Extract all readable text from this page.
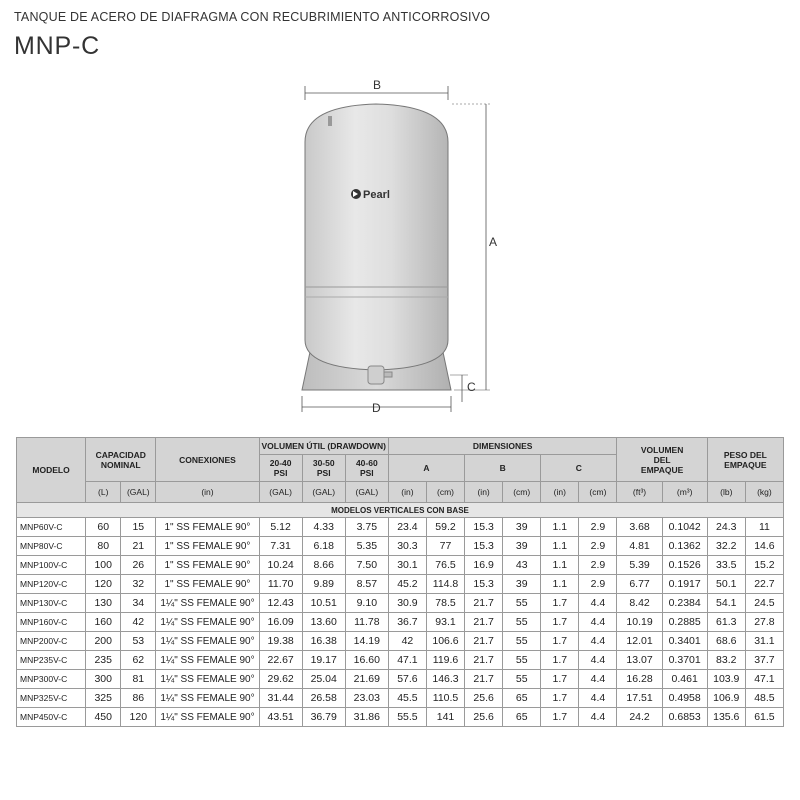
TANQUE DE ACERO DE DIAFRAGMA CON RECUBRIMIENTO ANTICORROSIVO
MNP-C
Pearl
B
A
C
D
MODELO	CAPACIDAD NOMINAL		CONEXIONES	VOLUMEN ÚTIL (DRAWDOWN)			DIMENSIONES						VOLUMEN DEL EMPAQUE		PESO DEL EMPAQUE	
				20-40 PSI	30-50 PSI	40-60 PSI	A		B		C					
	(L)	(GAL)	(in)	(GAL)	(GAL)	(GAL)	(in)	(cm)	(in)	(cm)	(in)	(cm)	(ft³)	(m³)	(lb)	(kg)
MODELOS VERTICALES CON BASE																
MNP60V-C	60	15	1" SS FEMALE 90°	5.12	4.33	3.75	23.4	59.2	15.3	39	1.1	2.9	3.68	0.1042	24.3	11
MNP80V-C	80	21	1" SS FEMALE 90°	7.31	6.18	5.35	30.3	77	15.3	39	1.1	2.9	4.81	0.1362	32.2	14.6
MNP100V-C	100	26	1" SS FEMALE 90°	10.24	8.66	7.50	30.1	76.5	16.9	43	1.1	2.9	5.39	0.1526	33.5	15.2
MNP120V-C	120	32	1" SS FEMALE 90°	11.70	9.89	8.57	45.2	114.8	15.3	39	1.1	2.9	6.77	0.1917	50.1	22.7
MNP130V-C	130	34	1¼" SS FEMALE 90°	12.43	10.51	9.10	30.9	78.5	21.7	55	1.7	4.4	8.42	0.2384	54.1	24.5
MNP160V-C	160	42	1¼" SS FEMALE 90°	16.09	13.60	11.78	36.7	93.1	21.7	55	1.7	4.4	10.19	0.2885	61.3	27.8
MNP200V-C	200	53	1¼" SS FEMALE 90°	19.38	16.38	14.19	42	106.6	21.7	55	1.7	4.4	12.01	0.3401	68.6	31.1
MNP235V-C	235	62	1¼" SS FEMALE 90°	22.67	19.17	16.60	47.1	119.6	21.7	55	1.7	4.4	13.07	0.3701	83.2	37.7
MNP300V-C	300	81	1¼" SS FEMALE 90°	29.62	25.04	21.69	57.6	146.3	21.7	55	1.7	4.4	16.28	0.461	103.9	47.1
MNP325V-C	325	86	1¼" SS FEMALE 90°	31.44	26.58	23.03	45.5	110.5	25.6	65	1.7	4.4	17.51	0.4958	106.9	48.5
MNP450V-C	450	120	1¼" SS FEMALE 90°	43.51	36.79	31.86	55.5	141	25.6	65	1.7	4.4	24.2	0.6853	135.6	61.5
